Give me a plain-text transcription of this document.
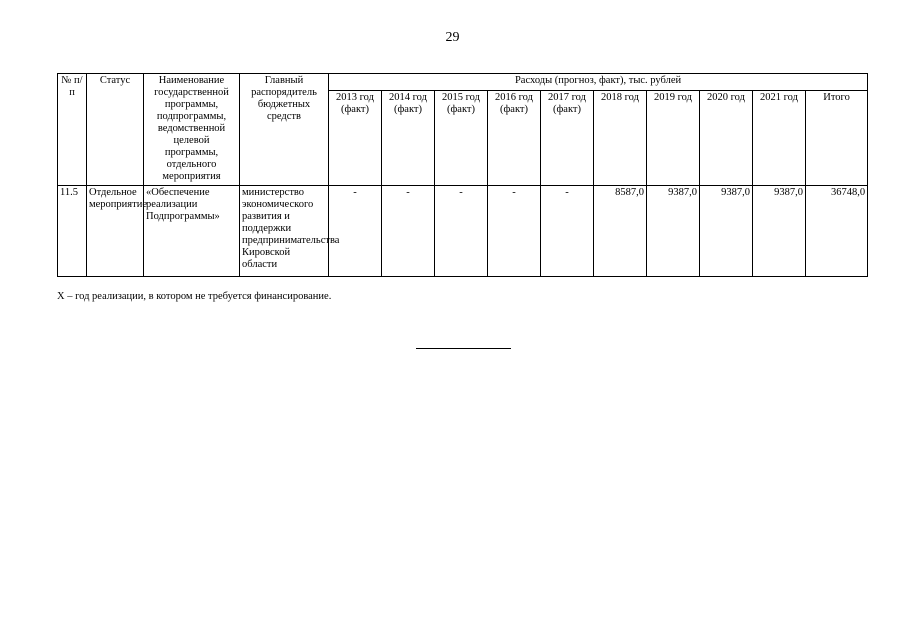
29
№ п/п	Статус	Наименование государственной программы, подпрограммы, ведомственной целевой программы, отдельного мероприятия	Главный распорядитель бюджетных средств	Расходы (прогноз, факт), тыс. рублей									
				2013 год (факт)	2014 год (факт)	2015 год (факт)	2016 год (факт)	2017 год (факт)	2018 год	2019 год	2020 год	2021 год	Итого
11.5	Отдельное мероприятие	«Обеспечение реализации Подпрограммы»	министерство экономического развития и поддержки предпринимательства Кировской области	-	-	-	-	-	8587,0	9387,0	9387,0	9387,0	36748,0
Х – год реализации, в котором не требуется финансирование.
